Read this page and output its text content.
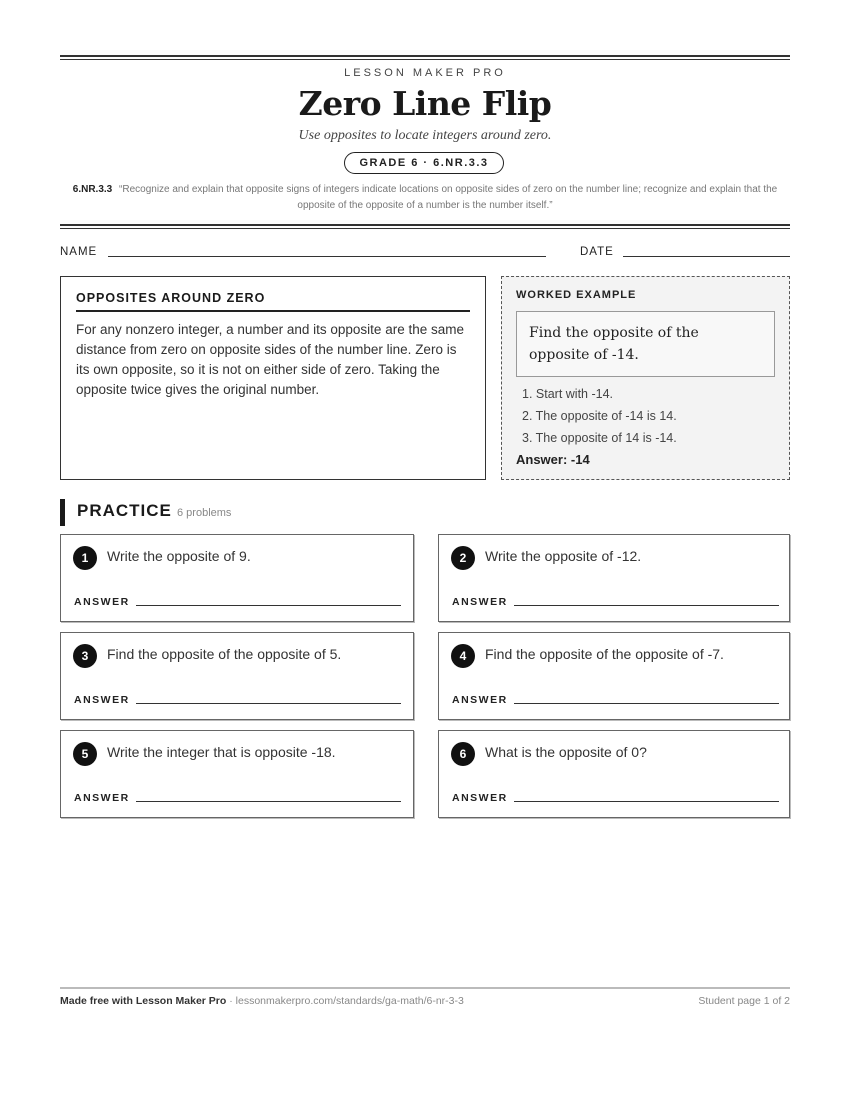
LESSON MAKER PRO
Zero Line Flip
Use opposites to locate integers around zero.
GRADE 6 · 6.NR.3.3
6.NR.3.3 “Recognize and explain that opposite signs of integers indicate locations on opposite sides of zero on the number line; recognize and explain that the opposite of the opposite of a number is the number itself.”
NAME	DATE
OPPOSITES AROUND ZERO
For any nonzero integer, a number and its opposite are the same distance from zero on opposite sides of the number line. Zero is its own opposite, so it is not on either side of zero. Taking the opposite twice gives the original number.
WORKED EXAMPLE
Find the opposite of the opposite of -14.
1. Start with -14.
2. The opposite of -14 is 14.
3. The opposite of 14 is -14.
Answer: -14
PRACTICE 6 problems
1	Write the opposite of 9.
ANSWER
2	Write the opposite of -12.
ANSWER
3	Find the opposite of the opposite of 5.
ANSWER
4	Find the opposite of the opposite of -7.
ANSWER
5	Write the integer that is opposite -18.
ANSWER
6	What is the opposite of 0?
ANSWER
Made free with Lesson Maker Pro · lessonmakerpro.com/standards/ga-math/6-nr-3-3	Student page 1 of 2
